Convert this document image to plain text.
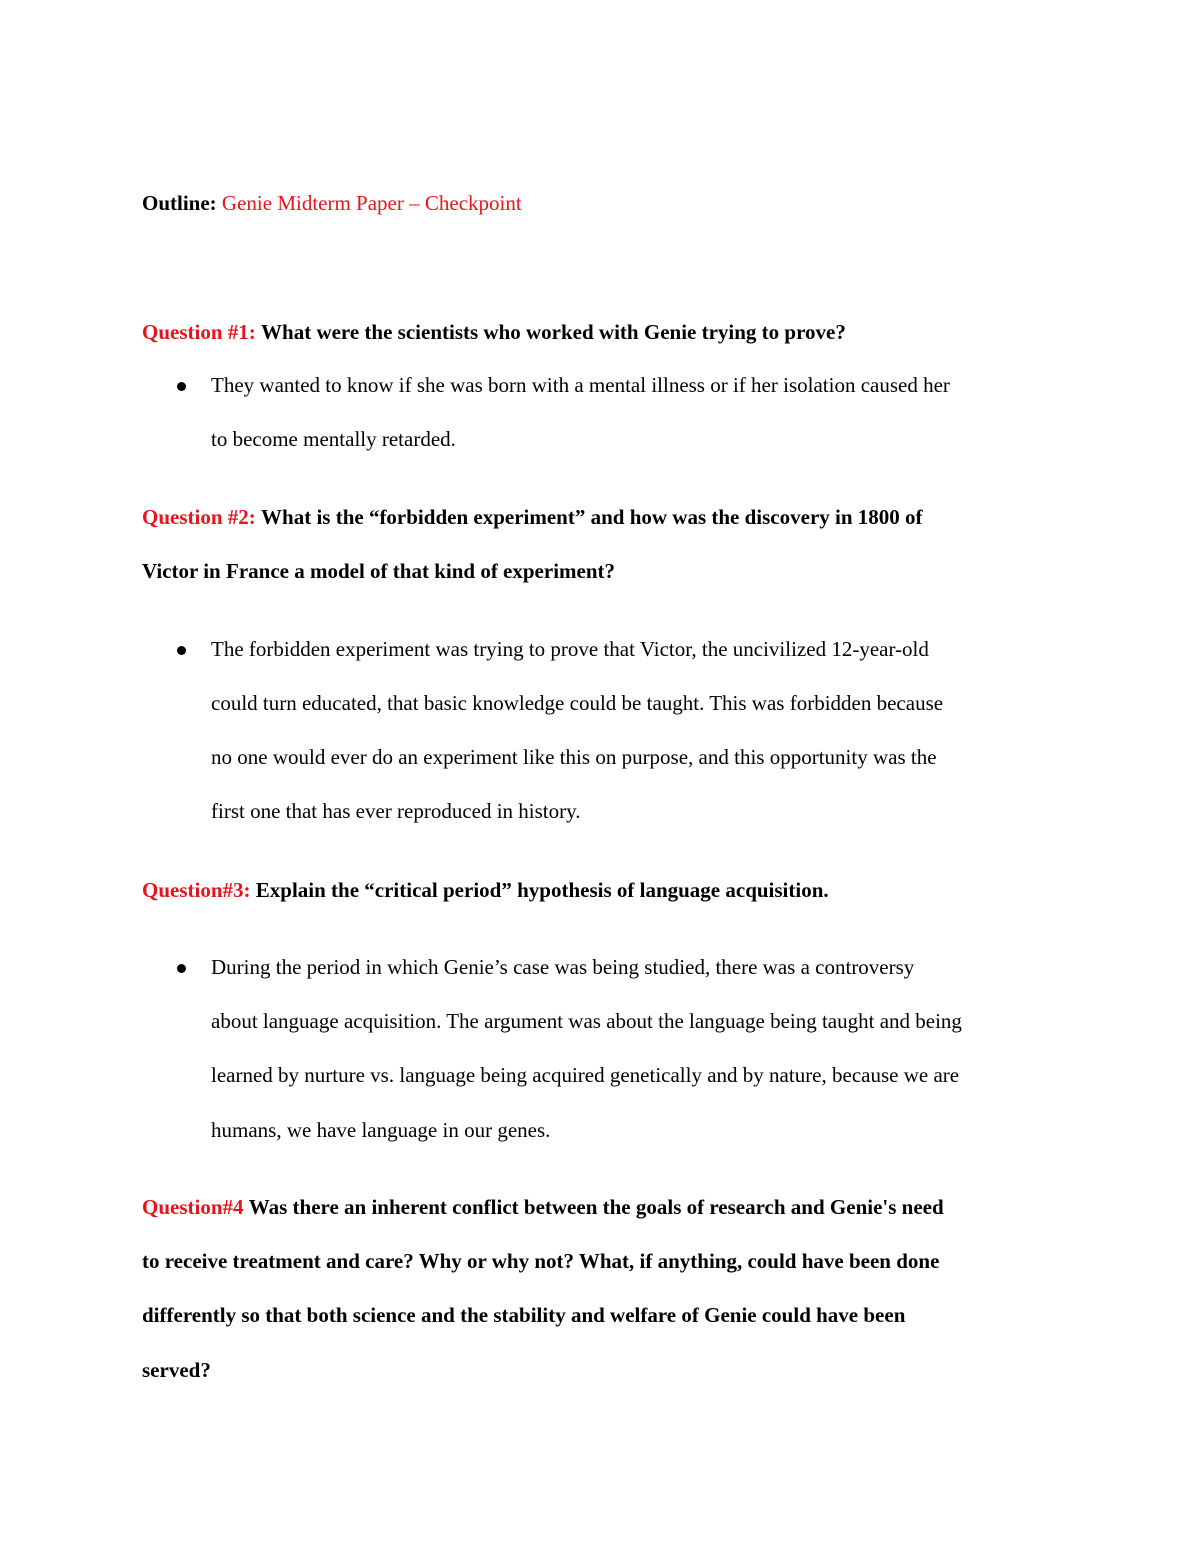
Outline: Genie Midterm Paper – Checkpoint
Question #1: What were the scientists who worked with Genie trying to prove?
They wanted to know if she was born with a mental illness or if her isolation caused her
to become mentally retarded.
Question #2: What is the “forbidden experiment” and how was the discovery in 1800 of
Victor in France a model of that kind of experiment?
The forbidden experiment was trying to prove that Victor, the uncivilized 12-year-old
could turn educated, that basic knowledge could be taught. This was forbidden because
no one would ever do an experiment like this on purpose, and this opportunity was the
first one that has ever reproduced in history.
Question#3: Explain the “critical period” hypothesis of language acquisition.
During the period in which Genie’s case was being studied, there was a controversy
about language acquisition. The argument was about the language being taught and being
learned by nurture vs. language being acquired genetically and by nature, because we are
humans, we have language in our genes.
Question#4 Was there an inherent conflict between the goals of research and Genie's need
to receive treatment and care? Why or why not? What, if anything, could have been done
differently so that both science and the stability and welfare of Genie could have been
served?
